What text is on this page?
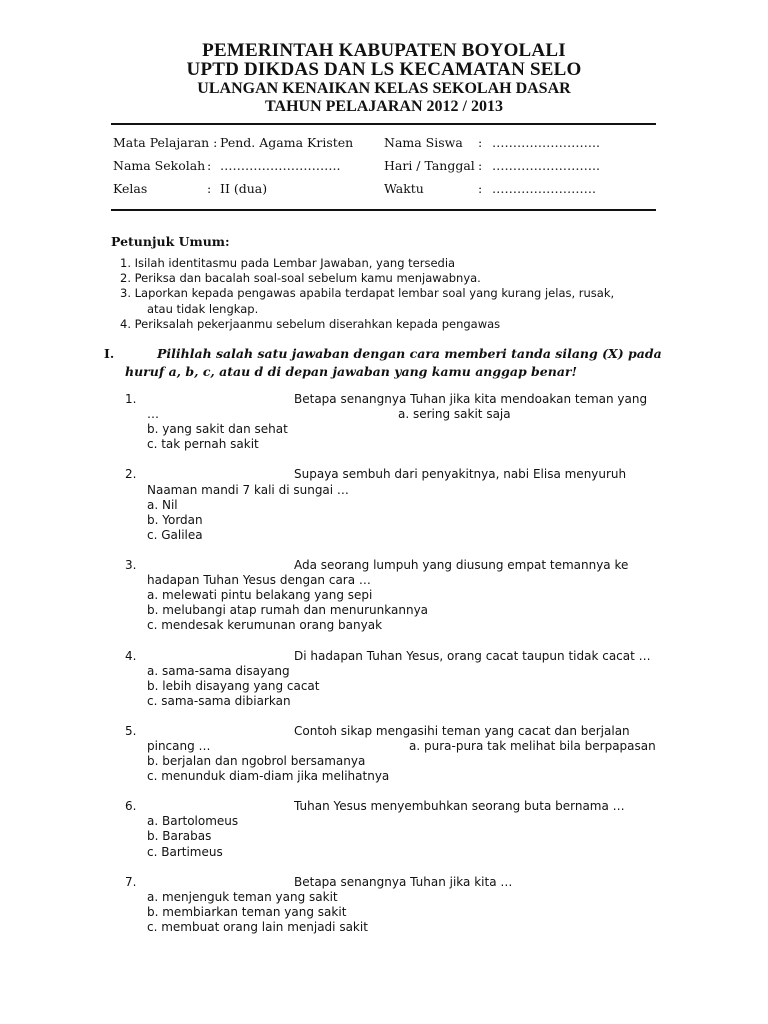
PEMERINTAH KABUPATEN BOYOLALI
UPTD DIKDAS DAN LS KECAMATAN SELO
ULANGAN KENAIKAN KELAS SEKOLAH DASAR
TAHUN PELAJARAN 2012 / 2013
Mata Pelajaran : Pend. Agama Kristen
Nama Sekolah : ………………………..
Kelas	: II (dua)
Nama Siswa : ……………………..
Hari / Tanggal : ……………………..
Waktu	: …………………….
Petunjuk Umum:
1. Isilah identitasmu pada Lembar Jawaban, yang tersedia
2. Periksa dan bacalah soal-soal sebelum kamu menjawabnya.
3. Laporkan kepada pengawas apabila terdapat lembar soal yang kurang jelas, rusak,
atau tidak lengkap.
4. Periksalah pekerjaanmu sebelum diserahkan kepada pengawas
I.	Pilihlah salah satu jawaban dengan cara memberi tanda silang (X) pada
huruf a, b, c, atau d di depan jawaban yang kamu anggap benar!
1.	Betapa senangnya Tuhan jika kita mendoakan teman yang
…	a. sering sakit saja
b. yang sakit dan sehat
c. tak pernah sakit
2.	Supaya sembuh dari penyakitnya, nabi Elisa menyuruh
Naaman mandi 7 kali di sungai …
a. Nil
b. Yordan
c. Galilea
3.	Ada seorang lumpuh yang diusung empat temannya ke
hadapan Tuhan Yesus dengan cara …
a. melewati pintu belakang yang sepi
b. melubangi atap rumah dan menurunkannya
c. mendesak kerumunan orang banyak
4.	Di hadapan Tuhan Yesus, orang cacat taupun tidak cacat …
a. sama-sama disayang
b. lebih disayang yang cacat
c. sama-sama dibiarkan
5.	Contoh sikap mengasihi teman yang cacat dan berjalan
pincang …	a. pura-pura tak melihat bila berpapasan
b. berjalan dan ngobrol bersamanya
c. menunduk diam-diam jika melihatnya
6.	Tuhan Yesus menyembuhkan seorang buta bernama …
a. Bartolomeus
b. Barabas
c. Bartimeus
7.	Betapa senangnya Tuhan jika kita …
a. menjenguk teman yang sakit
b. membiarkan teman yang sakit
c. membuat orang lain menjadi sakit
